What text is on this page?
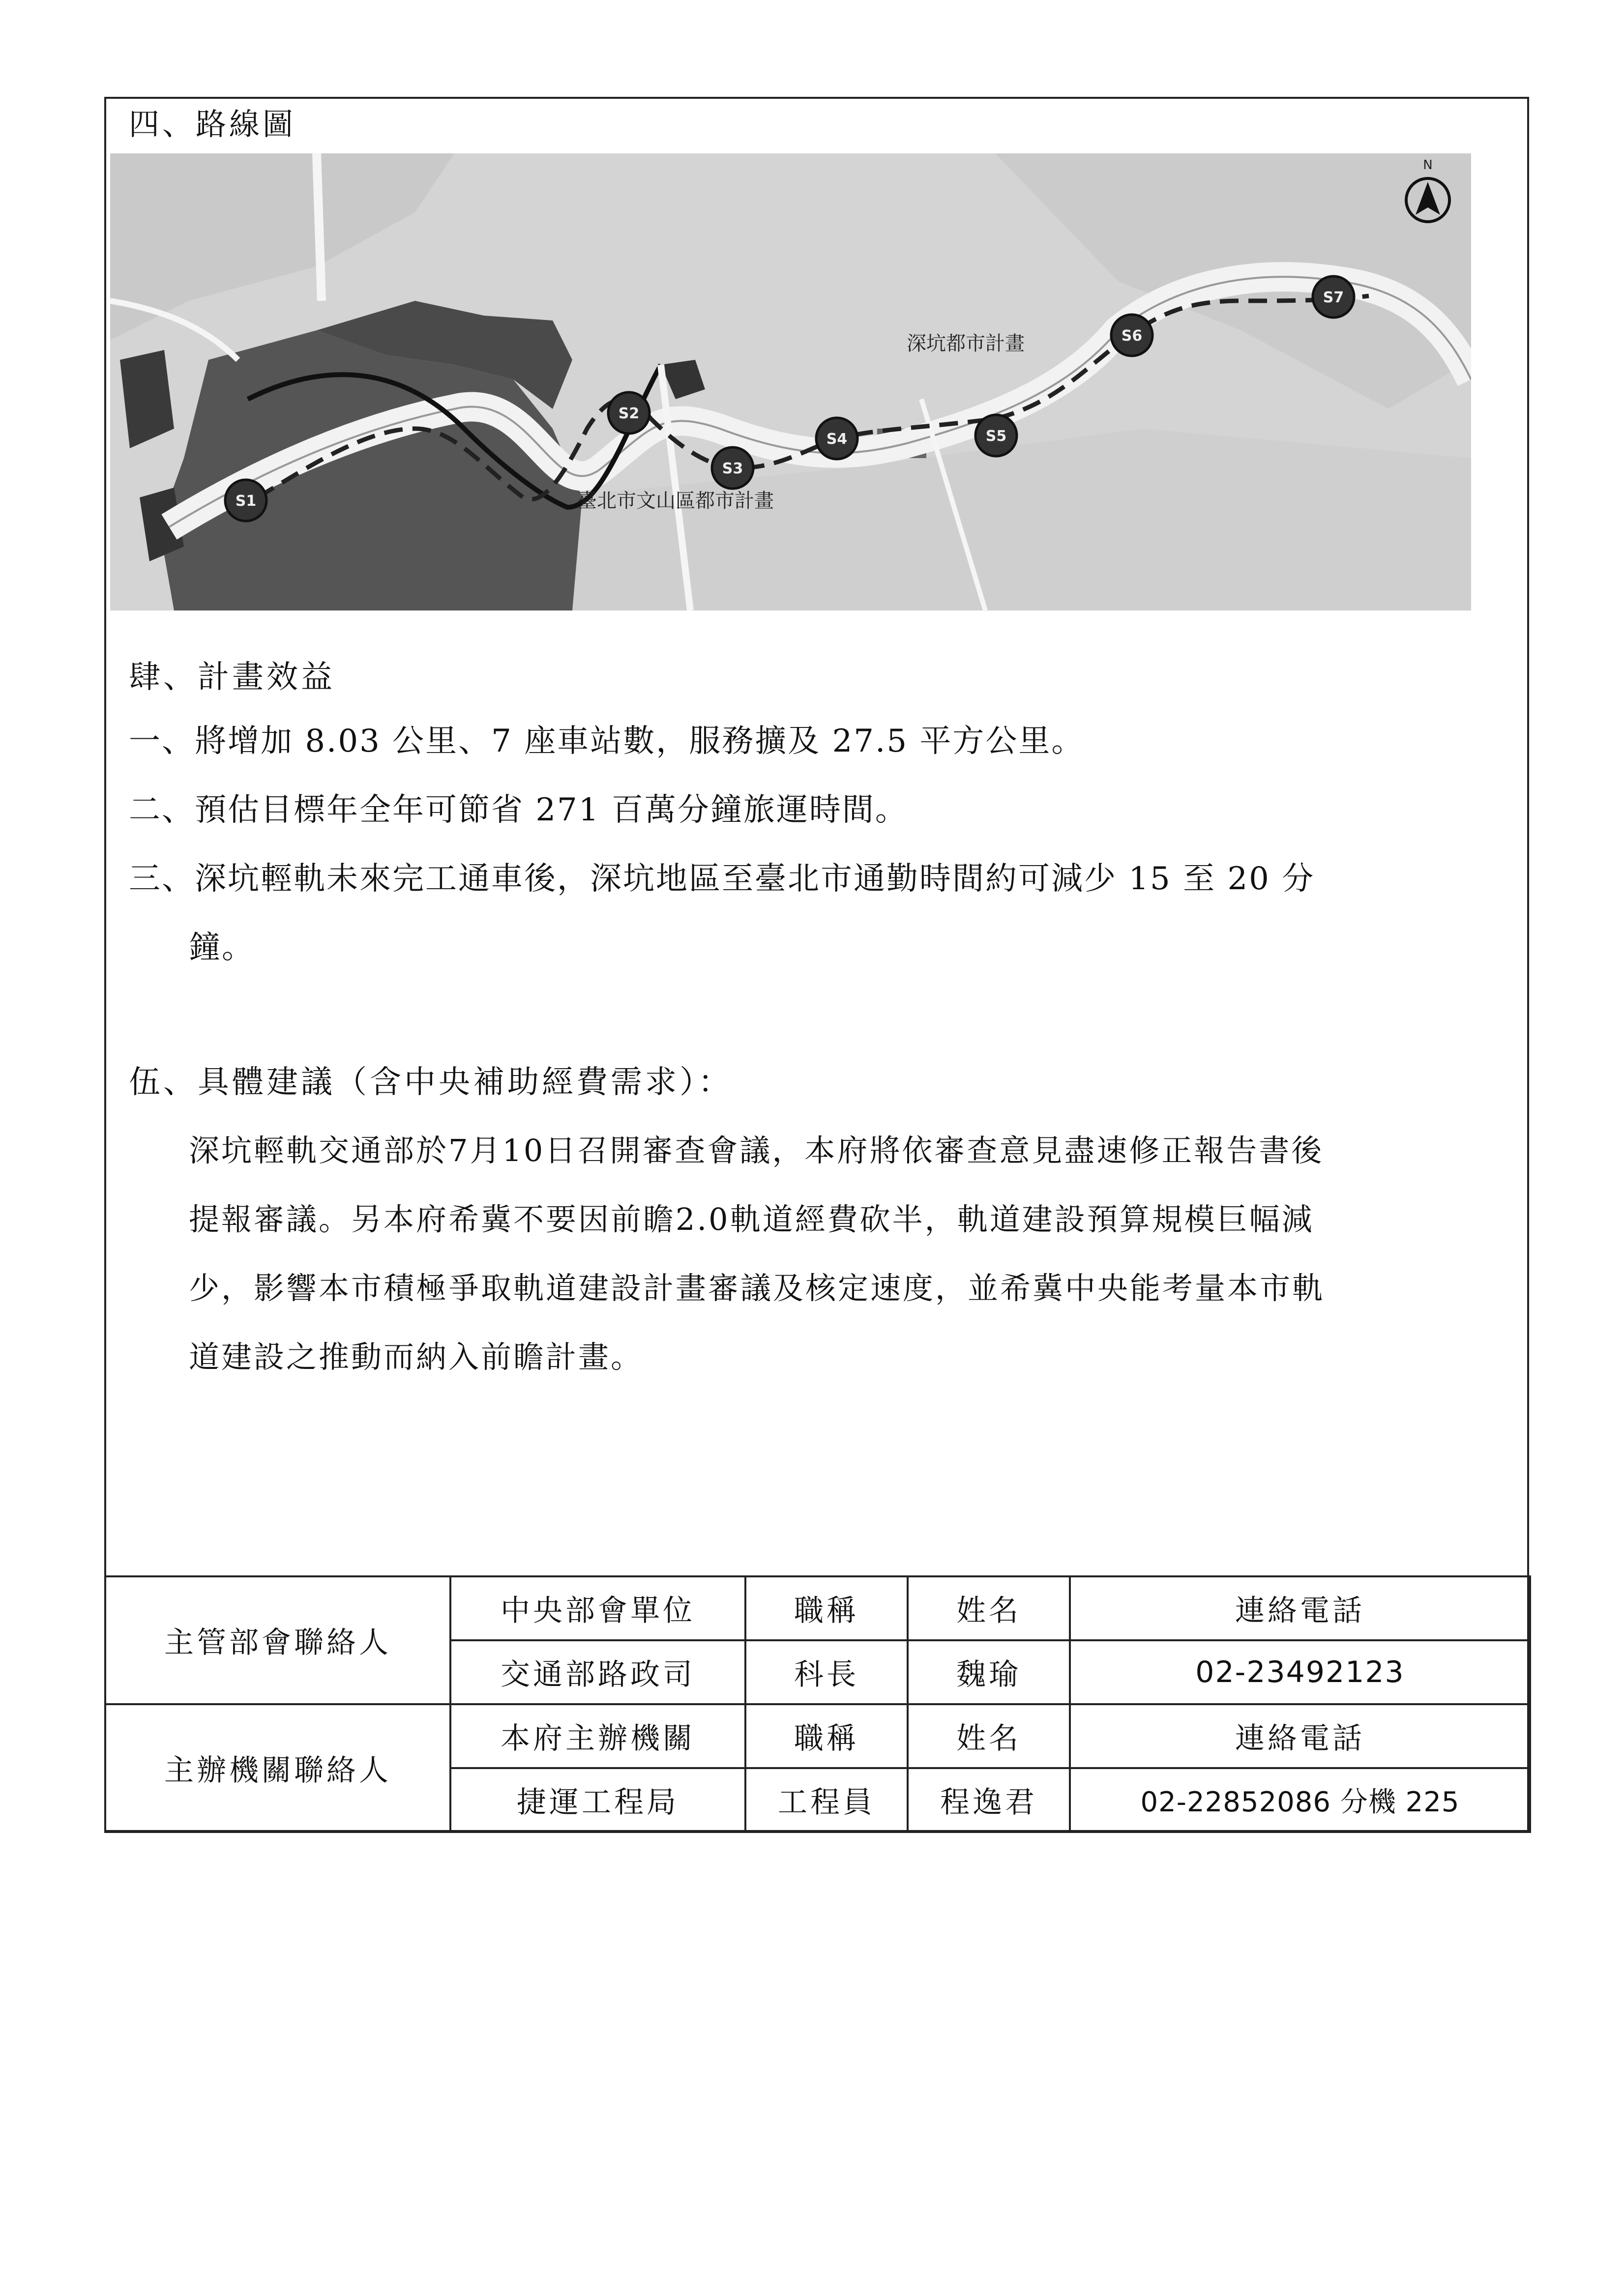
四、路線圖
N
深坑都市計畫
臺北市文山區都市計畫
S1
S2
S3
S4	S5
S6
S7
肆、計畫效益
一、將增加 8.03 公里、7 座車站數，服務擴及 27.5 平方公里。
二、預估目標年全年可節省 271 百萬分鐘旅運時間。
三、深坑輕軌未來完工通車後，深坑地區至臺北市通勤時間約可減少 15 至 20 分
鐘。
伍、具體建議（含中央補助經費需求）：
深坑輕軌交通部於7月10日召開審查會議，本府將依審查意見盡速修正報告書後
提報審議。另本府希冀不要因前瞻2.0軌道經費砍半，軌道建設預算規模巨幅減
少，影響本市積極爭取軌道建設計畫審議及核定速度，並希冀中央能考量本市軌
道建設之推動而納入前瞻計畫。
主管部會聯絡人	中央部會單位	職稱	姓名	連絡電話
	交通部路政司	科長	魏瑜	02-23492123
主辦機關聯絡人	本府主辦機關	職稱	姓名	連絡電話
	捷運工程局	工程員	程逸君	02-22852086 分機 225
